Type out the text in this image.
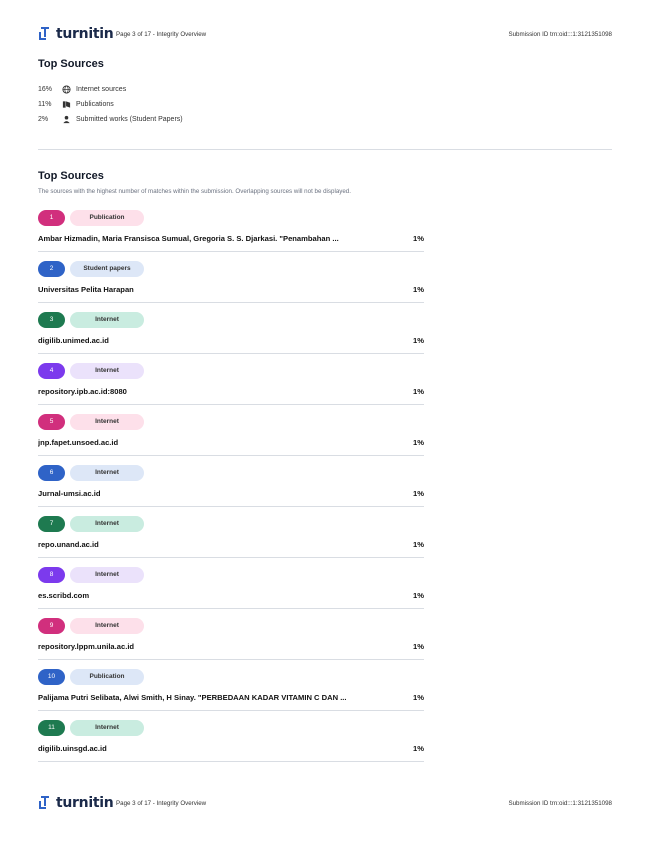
turnitin Page 3 of 17 - Integrity Overview	Submission ID trn:oid:::1:3121351098
Top Sources
16%	Internet sources
11%	Publications
2%	Submitted works (Student Papers)
Top Sources
The sources with the highest number of matches within the submission. Overlapping sources will not be displayed.
1	Publication
Ambar Hizmadin, Maria Fransisca Sumual, Gregoria S. S. Djarkasi. "Penambahan ...	1%
2	Student papers
Universitas Pelita Harapan	1%
3	Internet
digilib.unimed.ac.id	1%
4	Internet
repository.ipb.ac.id:8080	1%
5	Internet
jnp.fapet.unsoed.ac.id	1%
6	Internet
Jurnal-umsi.ac.id	1%
7	Internet
repo.unand.ac.id	1%
8	Internet
es.scribd.com	1%
9	Internet
repository.lppm.unila.ac.id	1%
10	Publication
Palijama Putri Selibata, Alwi Smith, H Sinay. "PERBEDAAN KADAR VITAMIN C DAN ...	1%
11	Internet
digilib.uinsgd.ac.id	1%
turnitin Page 3 of 17 - Integrity Overview	Submission ID trn:oid:::1:3121351098
